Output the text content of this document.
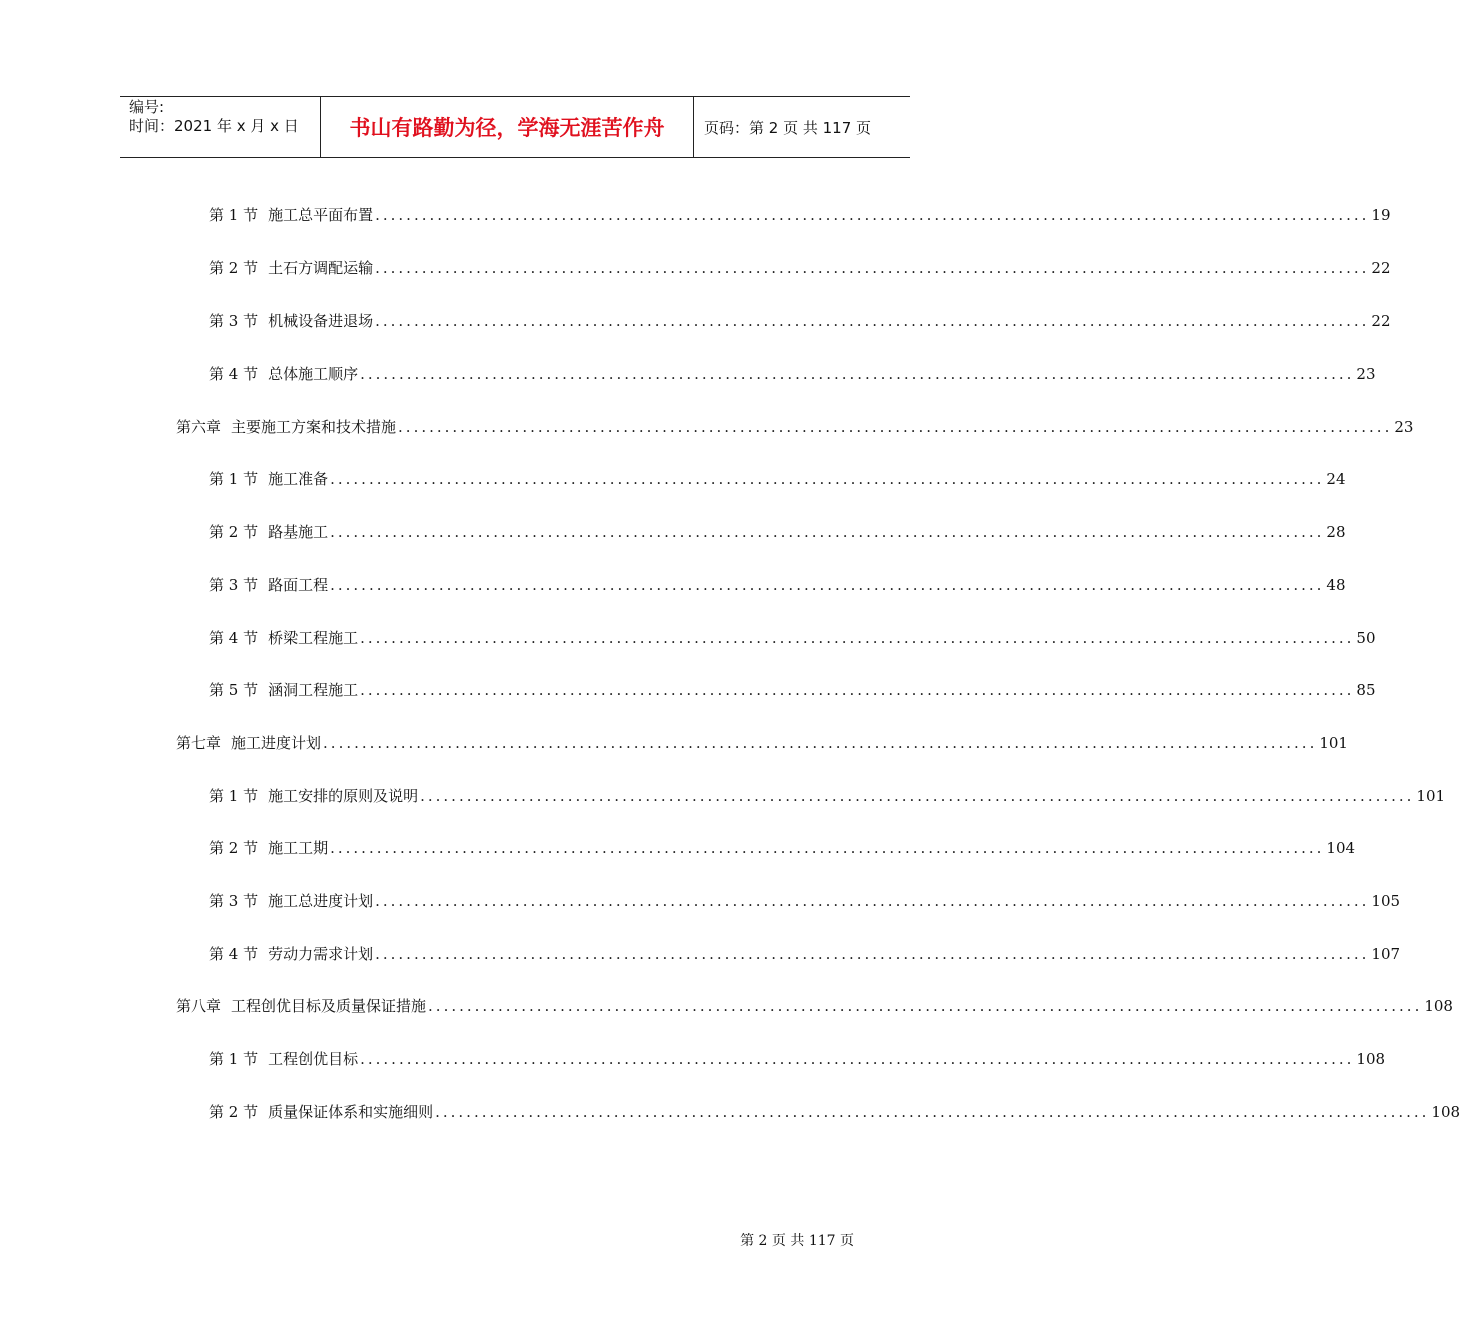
编号:
时间：2021 年 x 月 x 日	书山有路勤为径，学海无涯苦作舟	页码：第 2 页 共 117 页
第 1 节 施工总平面布置 ................................................................................................................................ 19
第 2 节 土石方调配运输 ................................................................................................................................ 22
第 3 节 机械设备进退场 ................................................................................................................................ 22
第 4 节 总体施工顺序 ................................................................................................................................ 23
第六章 主要施工方案和技术措施 ................................................................................................................................ 23
第 1 节 施工准备 ................................................................................................................................ 24
第 2 节 路基施工 ................................................................................................................................ 28
第 3 节 路面工程 ................................................................................................................................ 48
第 4 节 桥梁工程施工 ................................................................................................................................ 50
第 5 节 涵洞工程施工 ................................................................................................................................ 85
第七章 施工进度计划 ................................................................................................................................ 101
第 1 节 施工安排的原则及说明 ................................................................................................................................ 101
第 2 节 施工工期 ................................................................................................................................ 104
第 3 节 施工总进度计划 ................................................................................................................................ 105
第 4 节 劳动力需求计划 ................................................................................................................................ 107
第八章 工程创优目标及质量保证措施 ................................................................................................................................ 108
第 1 节 工程创优目标 ................................................................................................................................ 108
第 2 节 质量保证体系和实施细则 ................................................................................................................................ 108
第 2 页 共 117 页
